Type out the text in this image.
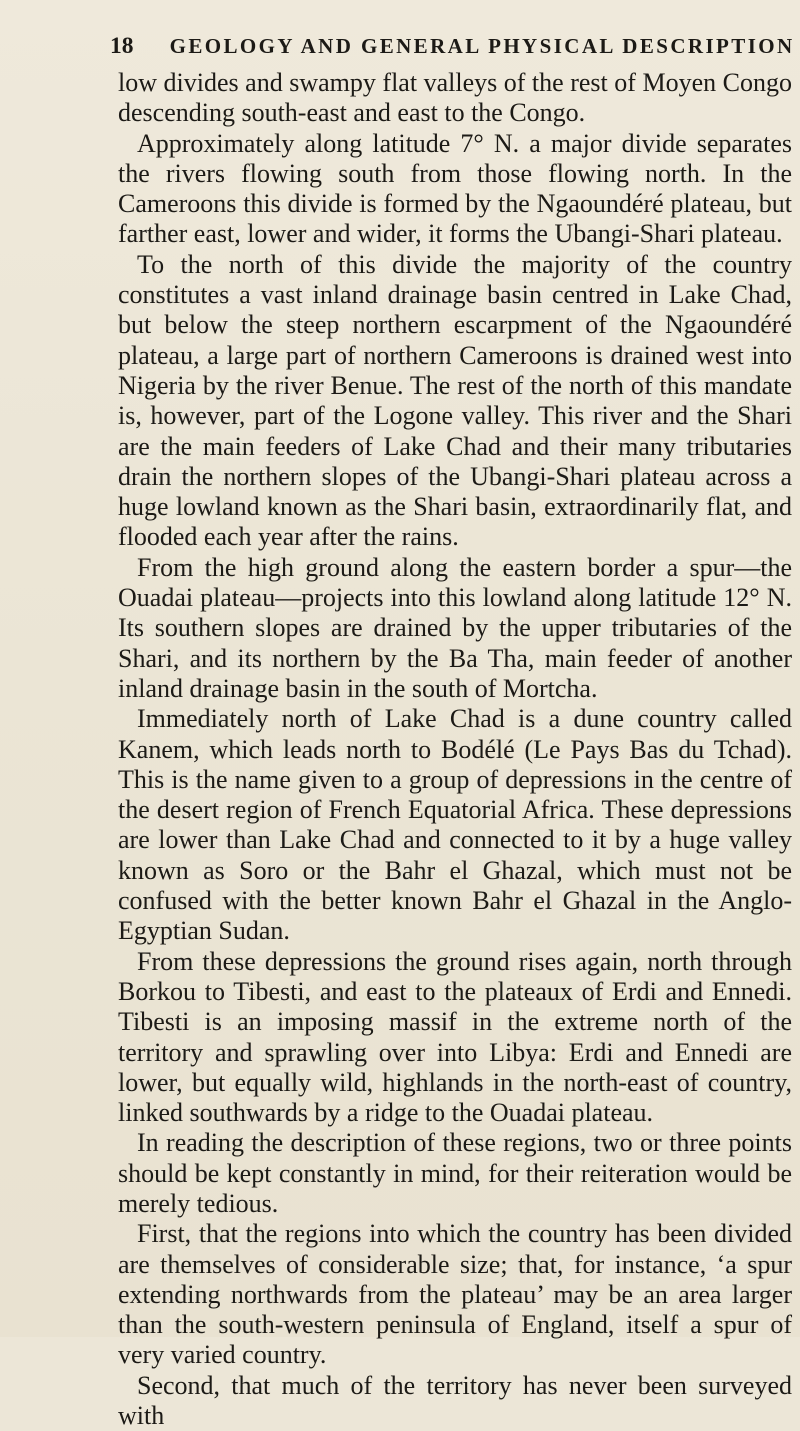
18 GEOLOGY AND GENERAL PHYSICAL DESCRIPTION

low divides and swampy flat valleys of the rest of Moyen Congo descending south-east and east to the Congo.

Approximately along latitude 7° N. a major divide separates the rivers flowing south from those flowing north. In the Cameroons this divide is formed by the Ngaoundéré plateau, but farther east, lower and wider, it forms the Ubangi-Shari plateau.

To the north of this divide the majority of the country constitutes a vast inland drainage basin centred in Lake Chad, but below the steep northern escarpment of the Ngaoundéré plateau, a large part of northern Cameroons is drained west into Nigeria by the river Benue. The rest of the north of this mandate is, however, part of the Logone valley. This river and the Shari are the main feeders of Lake Chad and their many tributaries drain the northern slopes of the Ubangi-Shari plateau across a huge lowland known as the Shari basin, extraordinarily flat, and flooded each year after the rains.

From the high ground along the eastern border a spur—the Ouadai plateau—projects into this lowland along latitude 12° N. Its southern slopes are drained by the upper tributaries of the Shari, and its northern by the Ba Tha, main feeder of another inland drainage basin in the south of Mortcha.

Immediately north of Lake Chad is a dune country called Kanem, which leads north to Bodélé (Le Pays Bas du Tchad). This is the name given to a group of depressions in the centre of the desert region of French Equatorial Africa. These depressions are lower than Lake Chad and connected to it by a huge valley known as Soro or the Bahr el Ghazal, which must not be confused with the better known Bahr el Ghazal in the Anglo-Egyptian Sudan.

From these depressions the ground rises again, north through Borkou to Tibesti, and east to the plateaux of Erdi and Ennedi. Tibesti is an imposing massif in the extreme north of the territory and sprawling over into Libya: Erdi and Ennedi are lower, but equally wild, highlands in the north-east of country, linked southwards by a ridge to the Ouadai plateau.

In reading the description of these regions, two or three points should be kept constantly in mind, for their reiteration would be merely tedious.

First, that the regions into which the country has been divided are themselves of considerable size; that, for instance, ‘a spur extending northwards from the plateau’ may be an area larger than the south-western peninsula of England, itself a spur of very varied country.

Second, that much of the territory has never been surveyed with
